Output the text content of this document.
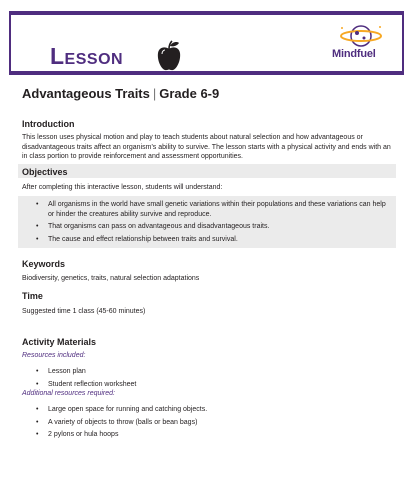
Lesson	Mindfuel
Advantageous Traits | Grade 6-9
Introduction
This lesson uses physical motion and play to teach students about natural selection and how advantageous or disadvantageous traits affect an organism's ability to survive. The lesson starts with a physical activity and ends with an in class portion to provide reinforcement and assessment opportunities.
Objectives
After completing this interactive lesson, students will understand:
• All organisms in the world have small genetic variations within their populations and these variations can help or hinder the creatures ability survive and reproduce.
• That organisms can pass on advantageous and disadvantageous traits.
• The cause and effect relationship between traits and survival.
Keywords
Biodiversity, genetics, traits, natural selection adaptations
Time
Suggested time 1 class (45-60 minutes)
Activity Materials
Resources included:
• Lesson plan
• Student reflection worksheet
Additional resources required:
• Large open space for running and catching objects.
• A variety of objects to throw (balls or bean bags)
• 2 pylons or hula hoops
